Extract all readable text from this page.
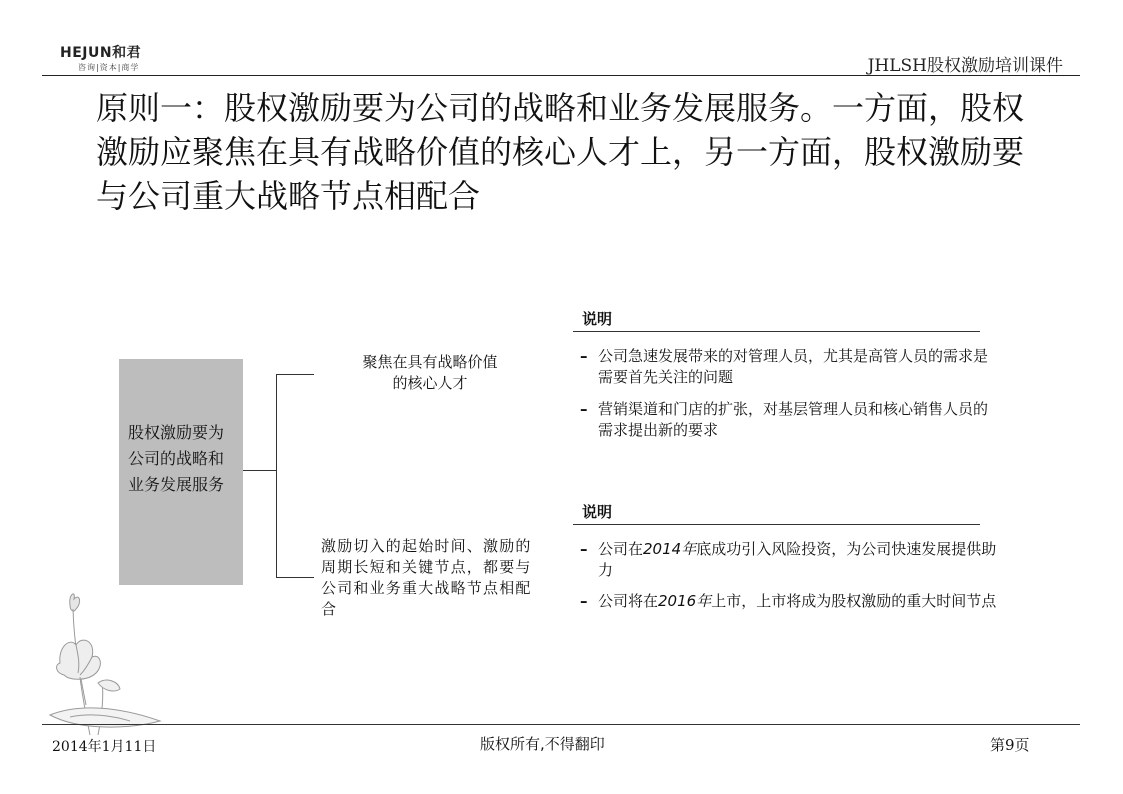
HEJUN和君
咨询|资本|商学	JHLSH股权激励培训课件
原则一：股权激励要为公司的战略和业务发展服务。一方面，股权激励应聚焦在具有战略价值的核心人才上，另一方面，股权激励要与公司重大战略节点相配合
股权激励要为公司的战略和业务发展服务
聚焦在具有战略价值
的核心人才
激励切入的起始时间、激励的周期长短和关键节点，都要与公司和业务重大战略节点相配合
说明
– 公司急速发展带来的对管理人员，尤其是高管人员的需求是需要首先关注的问题
– 营销渠道和门店的扩张，对基层管理人员和核心销售人员的需求提出新的要求
说明
– 公司在2014年底成功引入风险投资，为公司快速发展提供助力
– 公司将在2016年上市，上市将成为股权激励的重大时间节点
2014年1月11日	版权所有,不得翻印	第9页
